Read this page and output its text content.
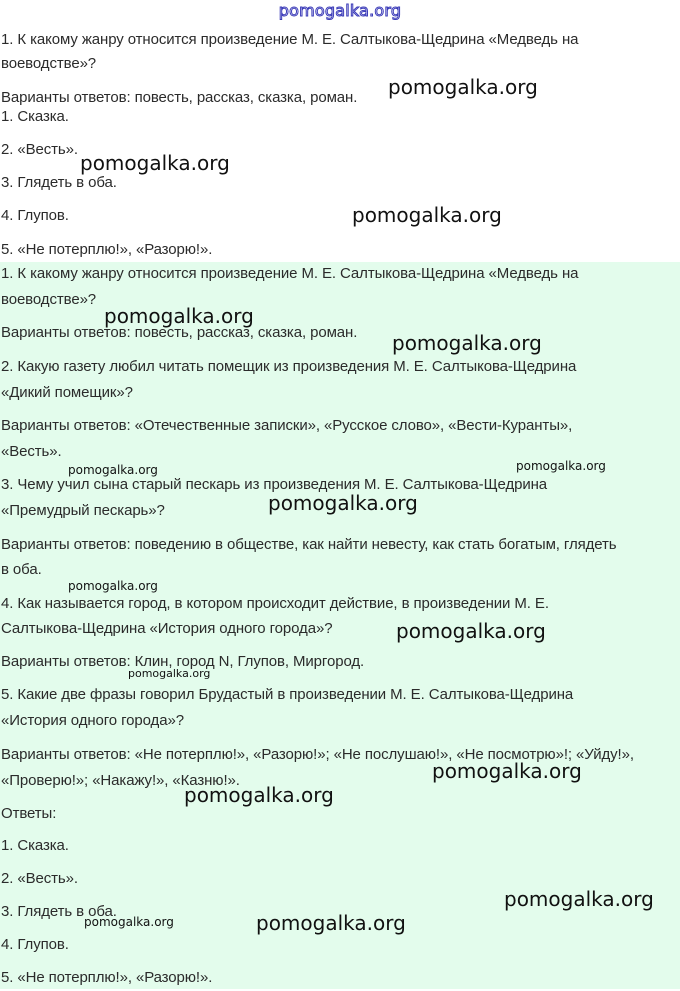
pomogalka.org

1. К какому жанру относится произведение М. Е. Салтыкова-Щедрина «Медведь на

воеводстве»?

Варианты ответов: повесть, рассказ, сказка, роман.

1. Сказка.

2. «Весть».

3. Глядеть в оба.

4. Глупов.

5. «Не потерплю!», «Разорю!».

1. К какому жанру относится произведение М. Е. Салтыкова-Щедрина «Медведь на

воеводстве»?

Варианты ответов: повесть, рассказ, сказка, роман.

2. Какую газету любил читать помещик из произведения М. Е. Салтыкова-Щедрина

«Дикий помещик»?

Варианты ответов: «Отечественные записки», «Русское слово», «Вести-Куранты»,

«Весть».

3. Чему учил сына старый пескарь из произведения М. Е. Салтыкова-Щедрина

«Премудрый пескарь»?

Варианты ответов: поведению в обществе, как найти невесту, как стать богатым, глядеть

в оба.

4. Как называется город, в котором происходит действие, в произведении М. Е.

Салтыкова-Щедрина «История одного города»?

Варианты ответов: Клин, город N, Глупов, Миргород.

5. Какие две фразы говорил Брудастый в произведении М. Е. Салтыкова-Щедрина

«История одного города»?

Варианты ответов: «Не потерплю!», «Разорю!»; «Не послушаю!», «Не посмотрю»!; «Уйду!»,

«Проверю!»; «Накажу!», «Казню!».

Ответы:

1. Сказка.

2. «Весть».

3. Глядеть в оба.

4. Глупов.

5. «Не потерплю!», «Разорю!».

pomogalka.org
pomogalka.org
pomogalka.org
pomogalka.org
pomogalka.org
pomogalka.org	pomogalka.org
pomogalka.org
pomogalka.org
pomogalka.org
pomogalka.org
pomogalka.org
pomogalka.org
pomogalka.org
pomogalka.org	pomogalka.org
